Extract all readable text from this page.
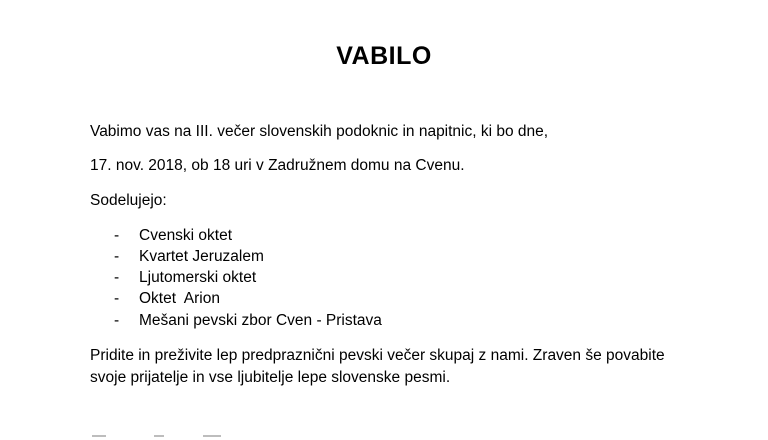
VABILO
Vabimo vas na III. večer slovenskih podoknic in napitnic, ki bo dne,
17. nov. 2018, ob 18 uri v Zadružnem domu na Cvenu.
Sodelujejo:
- Cvenski oktet
- Kvartet Jeruzalem
- Ljutomerski oktet
- Oktet  Arion
- Mešani pevski zbor Cven - Pristava
Pridite in preživite lep predpraznični pevski večer skupaj z nami. Zraven še povabite
svoje prijatelje in vse ljubitelje lepe slovenske pesmi.
